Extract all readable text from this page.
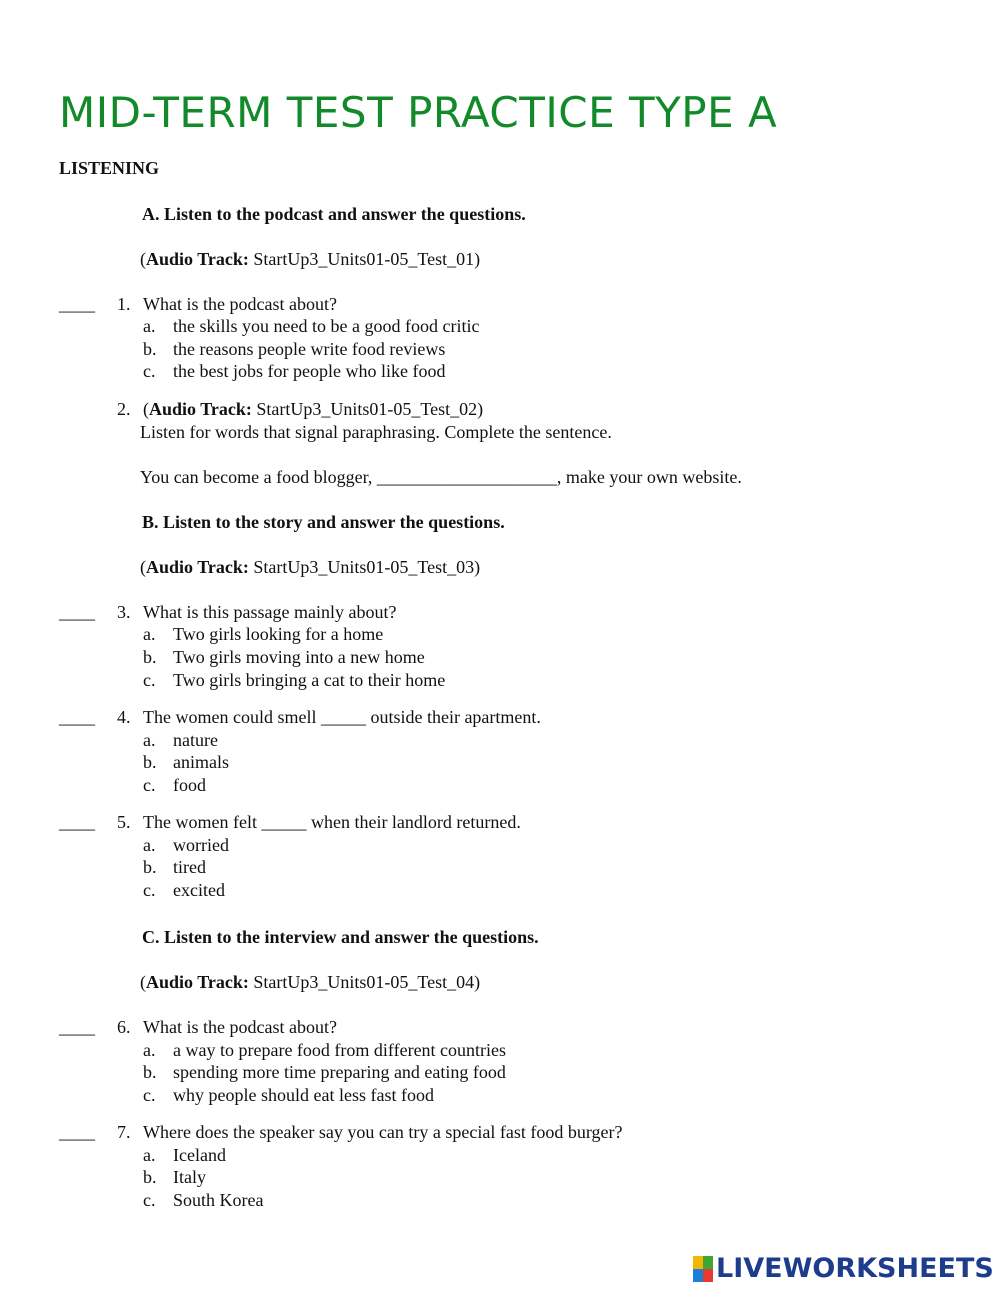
MID-TERM TEST PRACTICE TYPE A
LISTENING
A. Listen to the podcast and answer the questions.
(Audio Track: StartUp3_Units01-05_Test_01)
____ 1. What is the podcast about?
a. the skills you need to be a good food critic
b. the reasons people write food reviews
c. the best jobs for people who like food
2. (Audio Track: StartUp3_Units01-05_Test_02)
Listen for words that signal paraphrasing. Complete the sentence.
You can become a food blogger, ____________________, make your own website.
B. Listen to the story and answer the questions.
(Audio Track: StartUp3_Units01-05_Test_03)
____ 3. What is this passage mainly about?
a. Two girls looking for a home
b. Two girls moving into a new home
c. Two girls bringing a cat to their home
____ 4. The women could smell _____ outside their apartment.
a. nature
b. animals
c. food
____ 5. The women felt _____ when their landlord returned.
a. worried
b. tired
c. excited
C. Listen to the interview and answer the questions.
(Audio Track: StartUp3_Units01-05_Test_04)
____ 6. What is the podcast about?
a. a way to prepare food from different countries
b. spending more time preparing and eating food
c. why people should eat less fast food
____ 7. Where does the speaker say you can try a special fast food burger?
a. Iceland
b. Italy
c. South Korea
LIVEWORKSHEETS
